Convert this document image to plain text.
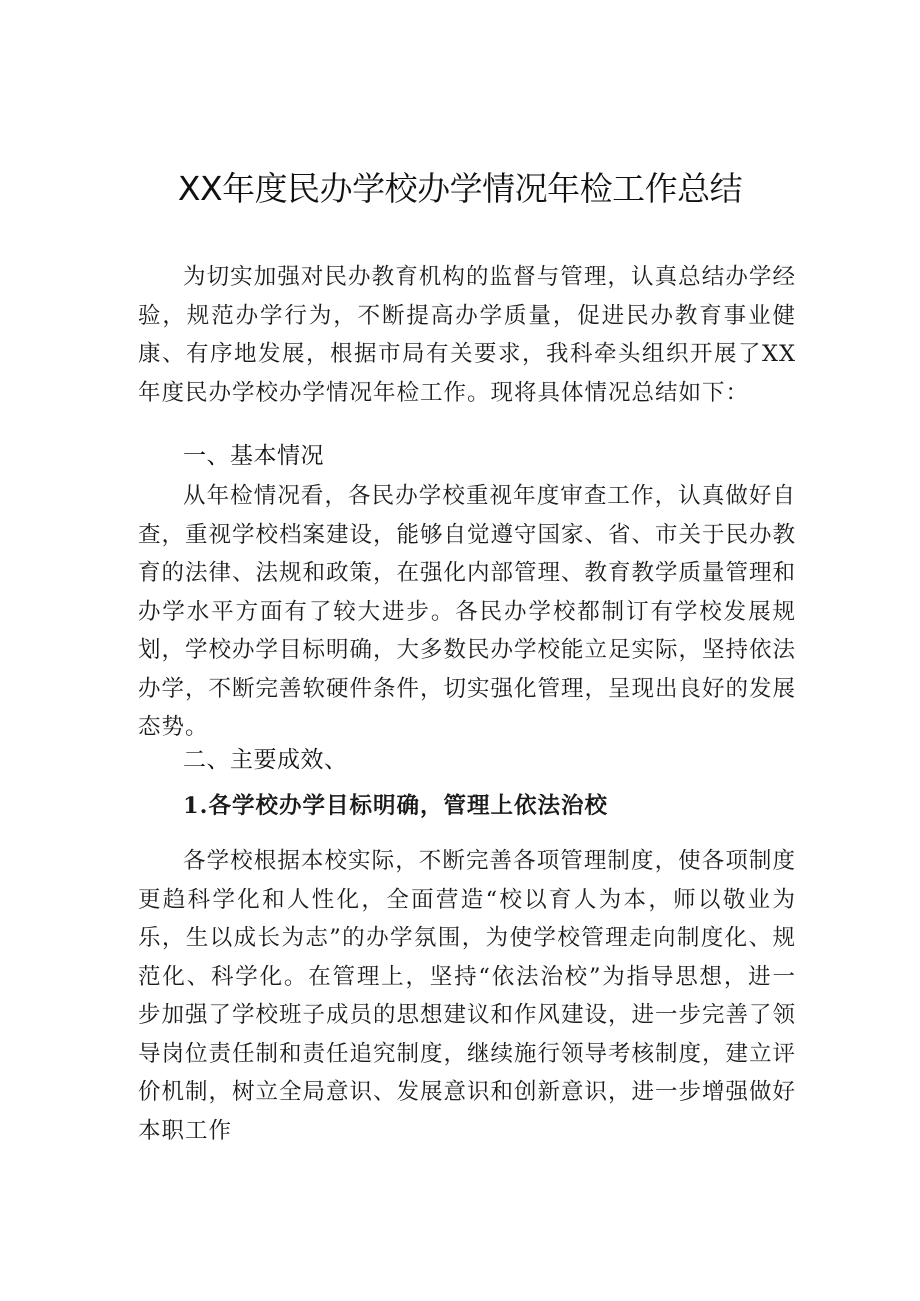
XX年度民办学校办学情况年检工作总结

为切实加强对民办教育机构的监督与管理，认真总结办学经验，规范办学行为，不断提高办学质量，促进民办教育事业健康、有序地发展，根据市局有关要求，我科牵头组织开展了XX年度民办学校办学情况年检工作。现将具体情况总结如下：

一、基本情况

从年检情况看，各民办学校重视年度审查工作，认真做好自查，重视学校档案建设，能够自觉遵守国家、省、市关于民办教育的法律、法规和政策，在强化内部管理、教育教学质量管理和办学水平方面有了较大进步。各民办学校都制订有学校发展规划，学校办学目标明确，大多数民办学校能立足实际，坚持依法办学，不断完善软硬件条件，切实强化管理，呈现出良好的发展态势。

二、主要成效、
1.各学校办学目标明确，管理上依法治校

各学校根据本校实际，不断完善各项管理制度，使各项制度更趋科学化和人性化，全面营造“校以育人为本，师以敬业为乐，生以成长为志”的办学氛围，为使学校管理走向制度化、规范化、科学化。在管理上，坚持“依法治校”为指导思想，进一步加强了学校班子成员的思想建议和作风建设，进一步完善了领导岗位责任制和责任追究制度，继续施行领导考核制度，建立评价机制，树立全局意识、发展意识和创新意识，进一步增强做好本职工作
